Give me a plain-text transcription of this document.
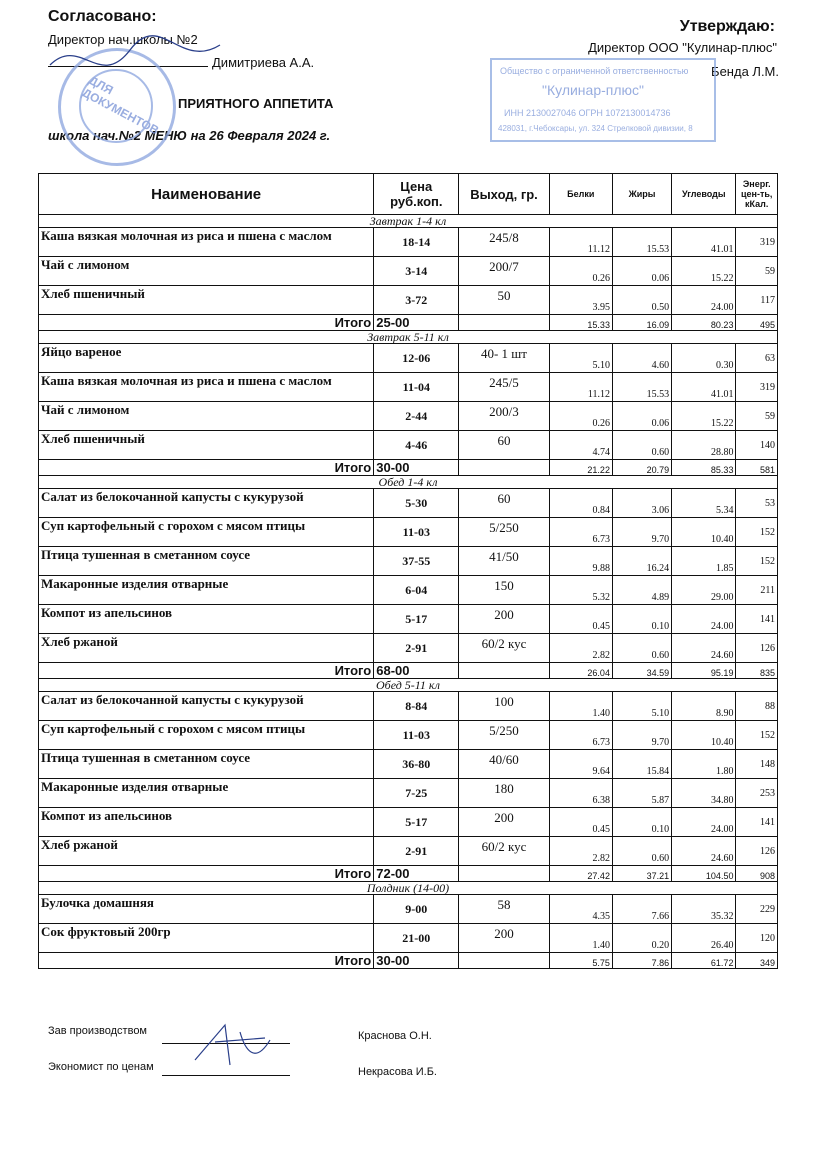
Согласовано:
Директор нач.школы №2
Димитриева А.А.
ПРИЯТНОГО АППЕТИТА
школа нач.№2 МЕНЮ на 26 Февраля 2024 г.
Утверждаю:
Директор ООО "Кулинар-плюс"
Бенда Л.М.
ДЛЯ ДОКУМЕНТОВ
Общество с ограниченной ответственностью
"Кулинар-плюс"
ИНН 2130027046 ОГРН 1072130014736
428031, г.Чебоксары, ул. 324 Стрелковой дивизии, 8
Наименование	Цена руб.коп.	Выход, гр.	Белки	Жиры	Углеводы	Энерг. цен-ть, кКал.
Завтрак 1-4 кл						
Каша вязкая молочная из риса и пшена с маслом	18-14	245/8	11.12	15.53	41.01	319
Чай с лимоном	3-14	200/7	0.26	0.06	15.22	59
Хлеб пшеничный	3-72	50	3.95	0.50	24.00	117
Итого	25-00		15.33	16.09	80.23	495
Завтрак 5-11 кл						
Яйцо вареное	12-06	40- 1 шт	5.10	4.60	0.30	63
Каша вязкая молочная из риса и пшена с маслом	11-04	245/5	11.12	15.53	41.01	319
Чай с лимоном	2-44	200/3	0.26	0.06	15.22	59
Хлеб пшеничный	4-46	60	4.74	0.60	28.80	140
Итого	30-00		21.22	20.79	85.33	581
Обед 1-4 кл						
Салат из белокочанной капусты с кукурузой	5-30	60	0.84	3.06	5.34	53
Суп картофельный с горохом с мясом птицы	11-03	5/250	6.73	9.70	10.40	152
Птица тушенная в сметанном соусе	37-55	41/50	9.88	16.24	1.85	152
Макаронные изделия отварные	6-04	150	5.32	4.89	29.00	211
Компот из апельсинов	5-17	200	0.45	0.10	24.00	141
Хлеб ржаной	2-91	60/2 кус	2.82	0.60	24.60	126
Итого	68-00		26.04	34.59	95.19	835
Обед 5-11 кл						
Салат из белокочанной капусты с кукурузой	8-84	100	1.40	5.10	8.90	88
Суп картофельный с горохом с мясом птицы	11-03	5/250	6.73	9.70	10.40	152
Птица тушенная в сметанном соусе	36-80	40/60	9.64	15.84	1.80	148
Макаронные изделия отварные	7-25	180	6.38	5.87	34.80	253
Компот из апельсинов	5-17	200	0.45	0.10	24.00	141
Хлеб ржаной	2-91	60/2 кус	2.82	0.60	24.60	126
Итого	72-00		27.42	37.21	104.50	908
Полдник (14-00)						
Булочка домашняя	9-00	58	4.35	7.66	35.32	229
Сок фруктовый 200гр	21-00	200	1.40	0.20	26.40	120
Итого	30-00		5.75	7.86	61.72	349
Зав производством	Краснова О.Н.
Экономист по ценам	Некрасова И.Б.
